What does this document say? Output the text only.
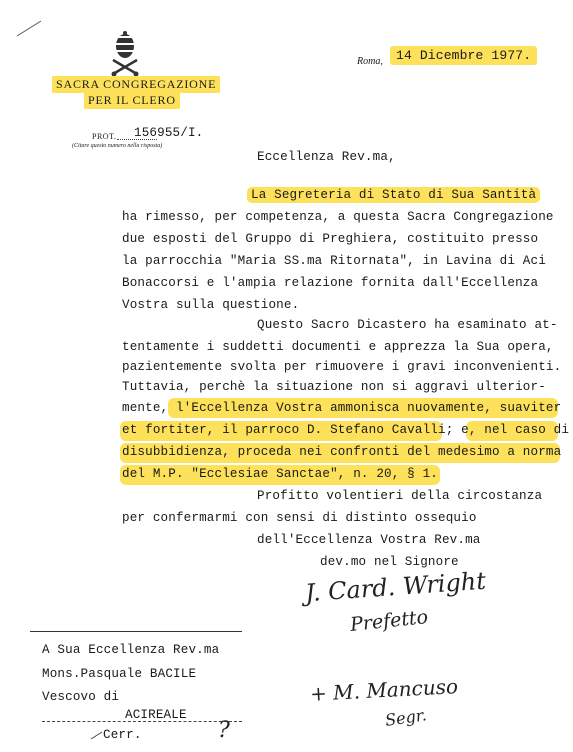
SACRA CONGREGAZIONE
PER IL CLERO
Roma,	14 Dicembre 1977.
PROT. 156955/I.
(Citare questo numero nella risposta)
Eccellenza Rev.ma,
La Segreteria di Stato di Sua Santità
ha rimesso, per competenza, a questa Sacra Congregazione
due esposti del Gruppo di Preghiera, costituito presso
la parrocchia "Maria SS.ma Ritornata", in Lavina di Aci
Bonaccorsi e l'ampia relazione fornita dall'Eccellenza
Vostra sulla questione.
Questo Sacro Dicastero ha esaminato at-
tentamente i suddetti documenti e apprezza la Sua opera,
pazientemente svolta per rimuovere i gravi inconvenienti.
Tuttavia, perchè la situazione non si aggravi ulterior-
mente, l'Eccellenza Vostra ammonisca nuovamente, suaviter
et fortiter, il parroco D. Stefano Cavalli; e, nel caso di
disubbidienza, proceda nei confronti del medesimo a norma
del M.P. "Ecclesiae Sanctae", n. 20, § 1.
Profitto volentieri della circostanza
per confermarmi con sensi di distinto ossequio
dell'Eccellenza Vostra Rev.ma
dev.mo nel Signore
J. Card. Wright
Prefetto
+ M. Mancuso
Segr.
A Sua Eccellenza Rev.ma
Mons.Pasquale BACILE
Vescovo di
ACIREALE
Cerr.	?
